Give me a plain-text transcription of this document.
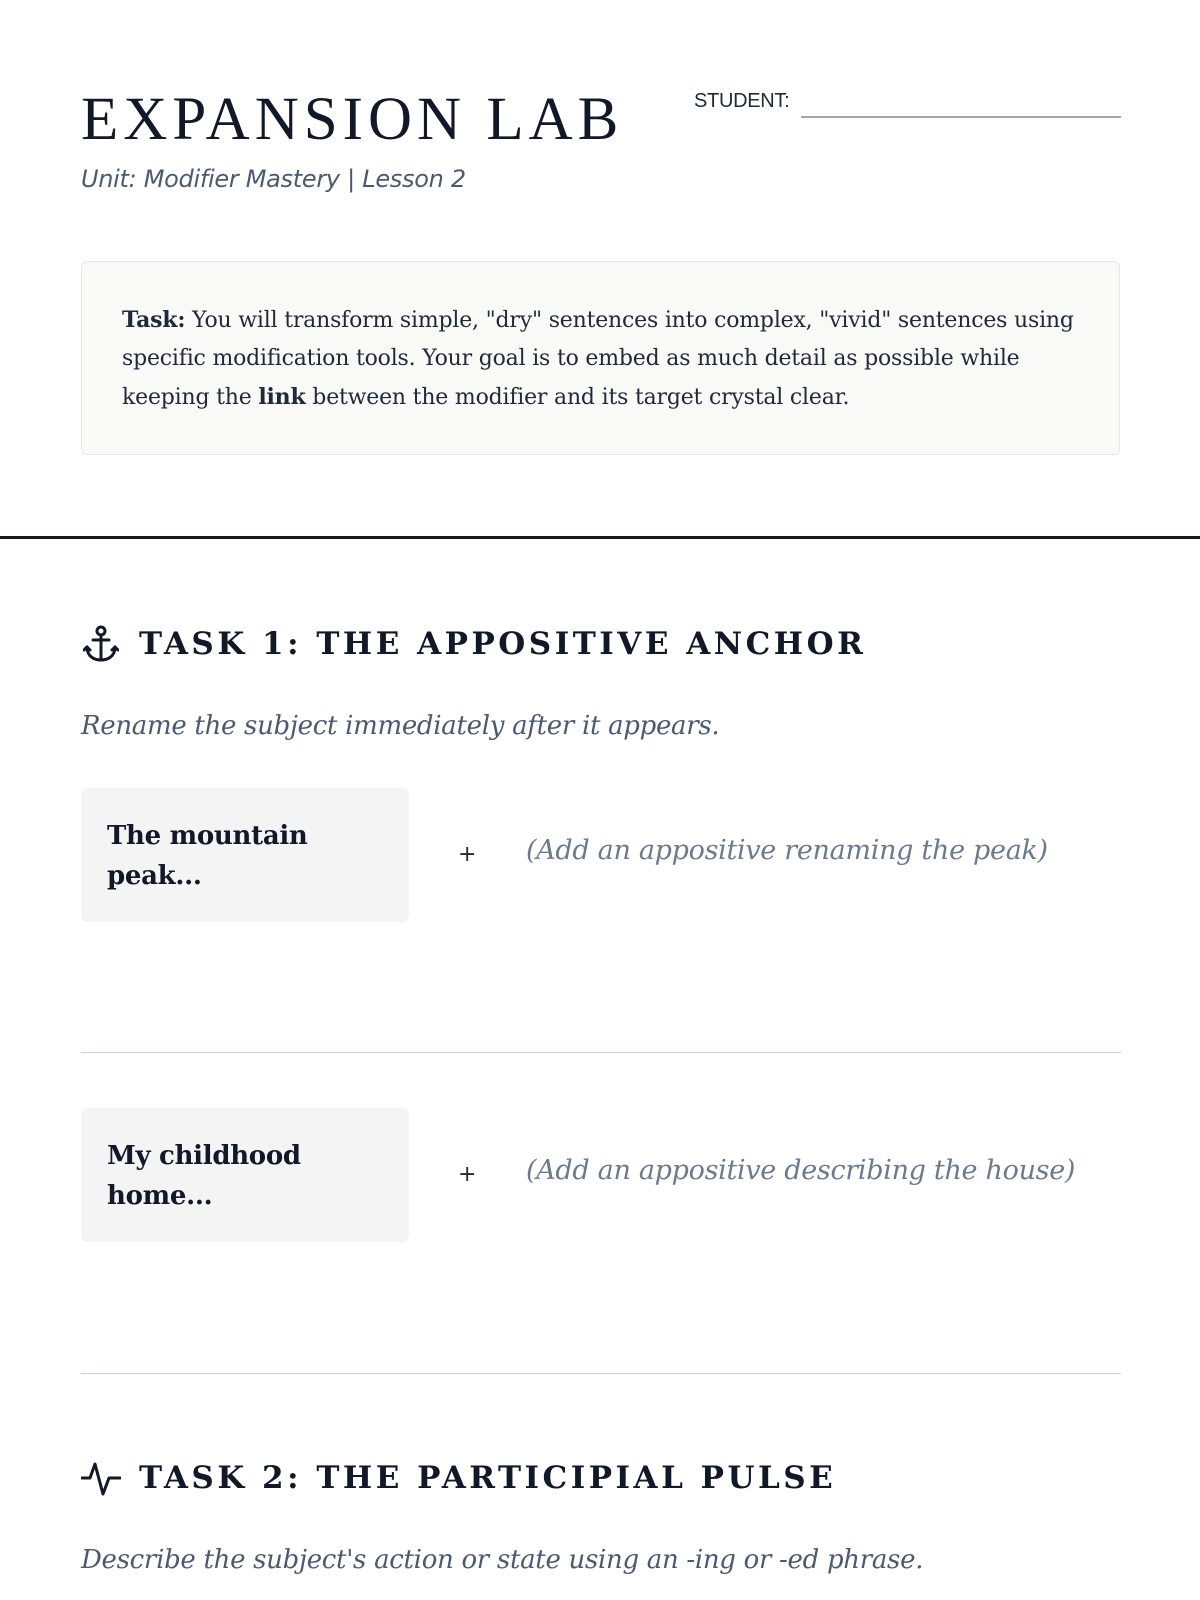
EXPANSION LAB
Unit: Modifier Mastery | Lesson 2
STUDENT:
Task: You will transform simple, "dry" sentences into complex, "vivid" sentences using specific modification tools. Your goal is to embed as much detail as possible while keeping the link between the modifier and its target crystal clear.
TASK 1: THE APPOSITIVE ANCHOR
Rename the subject immediately after it appears.
The mountain peak...
+ (Add an appositive renaming the peak)
My childhood home...
+ (Add an appositive describing the house)
TASK 2: THE PARTICIPIAL PULSE
Describe the subject's action or state using an -ing or -ed phrase.
